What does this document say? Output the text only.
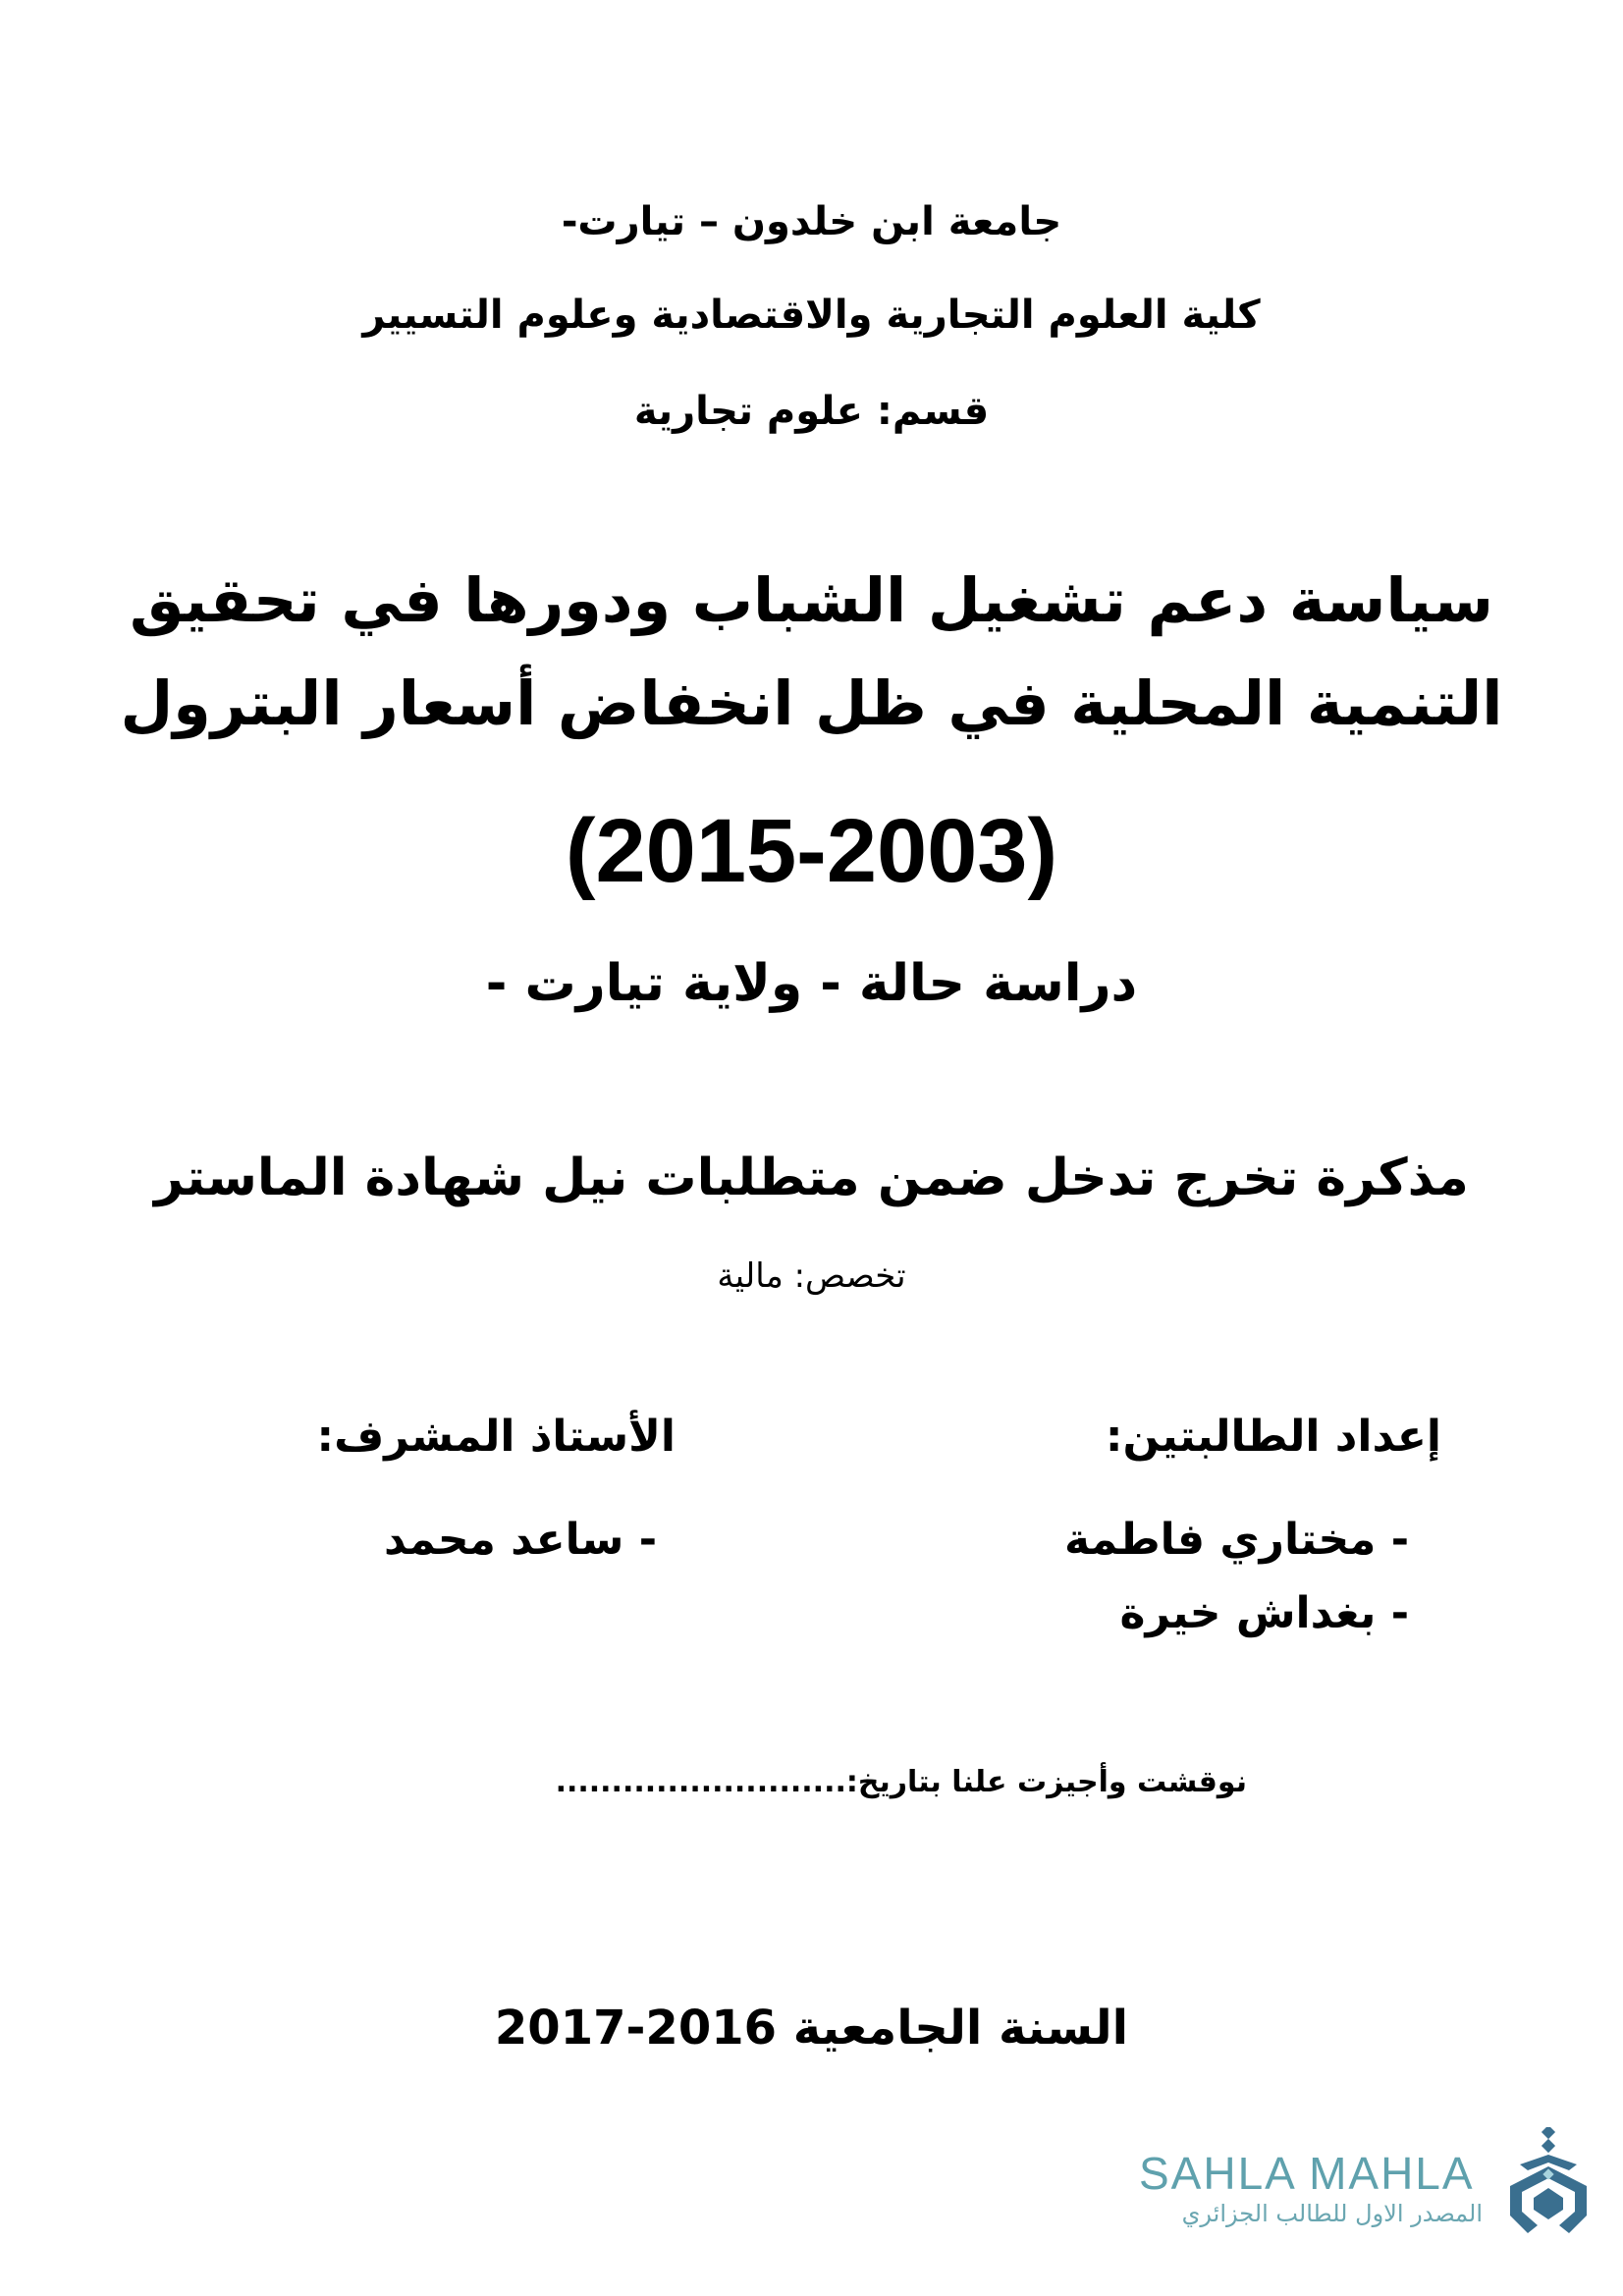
جامعة ابن خلدون – تيارت-
كلية العلوم التجارية والاقتصادية وعلوم التسيير
قسم: علوم تجارية
سياسة دعم تشغيل الشباب ودورها في تحقيق
التنمية المحلية في ظل انخفاض أسعار البترول
(2015-2003)
دراسة حالة - ولاية تيارت -
مذكرة تخرج تدخل ضمن متطلبات نيل شهادة الماستر
تخصص: مالية
إعداد الطالبتين:
- مختاري فاطمة
- بغداش خيرة
الأستاذ المشرف:
- ساعد محمد
نوقشت وأجيزت علنا بتاريخ:..........................
السنة الجامعية 2016-2017
SAHLA MAHLA
المصدر الاول للطالب الجزائري
